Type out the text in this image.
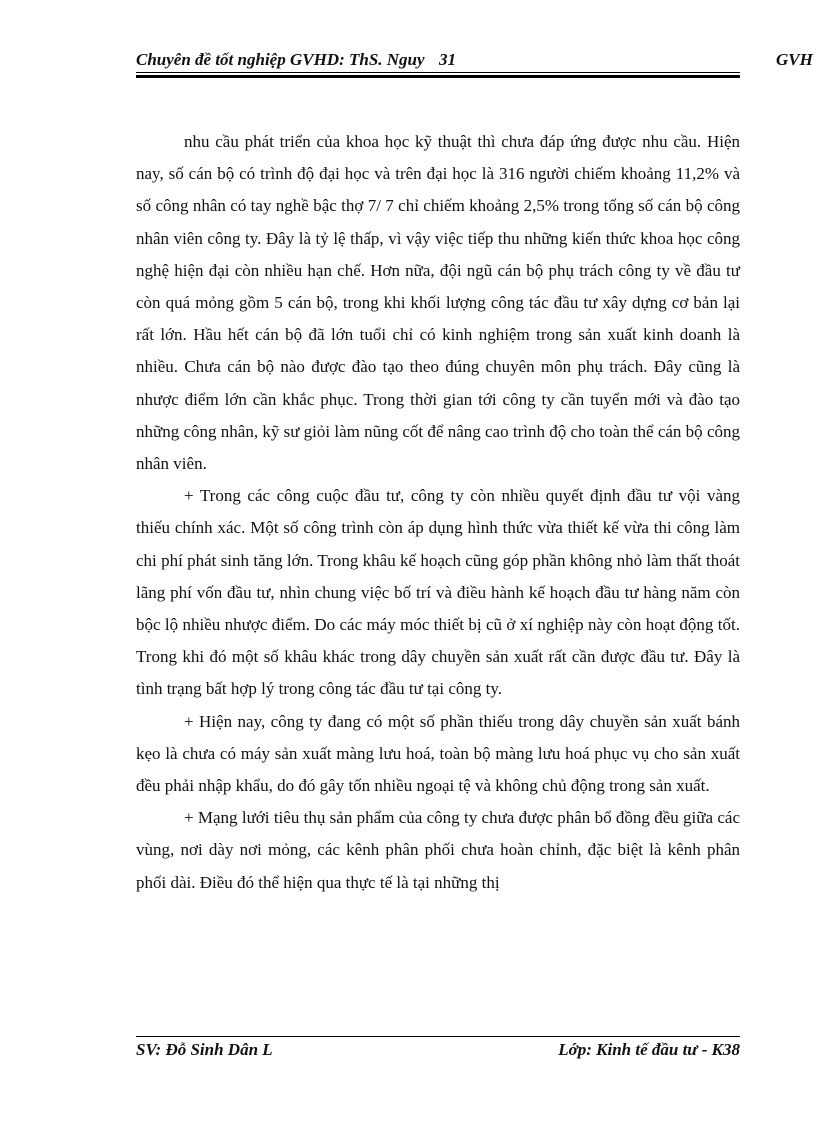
Chuyên đề tốt nghiệp GVHD: ThS. Nguy 31	GVH

nhu cầu phát triển của khoa học kỹ thuật thì chưa đáp ứng được nhu cầu. Hiện nay, số cán bộ có trình độ đại học và trên đại học là 316 người chiếm khoảng 11,2% và số công nhân có tay nghề bậc thợ 7/ 7 chỉ chiếm khoảng 2,5% trong tổng số cán bộ công nhân viên công ty. Đây là tỷ lệ thấp, vì vậy việc tiếp thu những kiến thức khoa học công nghệ hiện đại còn nhiều hạn chế. Hơn nữa, đội ngũ cán bộ phụ trách công ty về đầu tư còn quá mỏng gồm 5 cán bộ, trong khi khối lượng công tác đầu tư xây dựng cơ bản lại rất lớn. Hầu hết cán bộ đã lớn tuổi chỉ có kinh nghiệm trong sản xuất kinh doanh là nhiều. Chưa cán bộ nào được đào tạo theo đúng chuyên môn phụ trách. Đây cũng là nhược điểm lớn cần khắc phục. Trong thời gian tới công ty cần tuyển mới và đào tạo những công nhân, kỹ sư giỏi làm nũng cốt để nâng cao trình độ cho toàn thể cán bộ công nhân viên.

+ Trong các công cuộc đầu tư, công ty còn nhiều quyết định đầu tư vội vàng thiếu chính xác. Một số công trình còn áp dụng hình thức vừa thiết kế vừa thi công làm chi phí phát sinh tăng lớn. Trong khâu kế hoạch cũng góp phần không nhỏ làm thất thoát lãng phí vốn đầu tư, nhìn chung việc bố trí và điều hành kế hoạch đầu tư hàng năm còn bộc lộ nhiều nhược điểm. Do các máy móc thiết bị cũ ở xí nghiệp này còn hoạt động tốt. Trong khi đó một số khâu khác trong dây chuyền sản xuất rất cần được đầu tư. Đây là tình trạng bất hợp lý trong công tác đầu tư tại công ty.

+ Hiện nay, công ty đang có một số phần thiếu trong dây chuyền sản xuất bánh kẹo là chưa có máy sản xuất màng lưu hoá, toàn bộ màng lưu hoá phục vụ cho sản xuất đều phải nhập khẩu, do đó gây tốn nhiều ngoại tệ và không chủ động trong sản xuất.

+ Mạng lưới tiêu thụ sản phẩm của công ty chưa được phân bổ đồng đều giữa các vùng, nơi dày nơi mỏng, các kênh phân phối chưa hoàn chỉnh, đặc biệt là kênh phân phối dài. Điều đó thể hiện qua thực tế là tại những thị

SV: Đỗ Sinh Dân L	Lớp: Kinh tế đầu tư - K38
